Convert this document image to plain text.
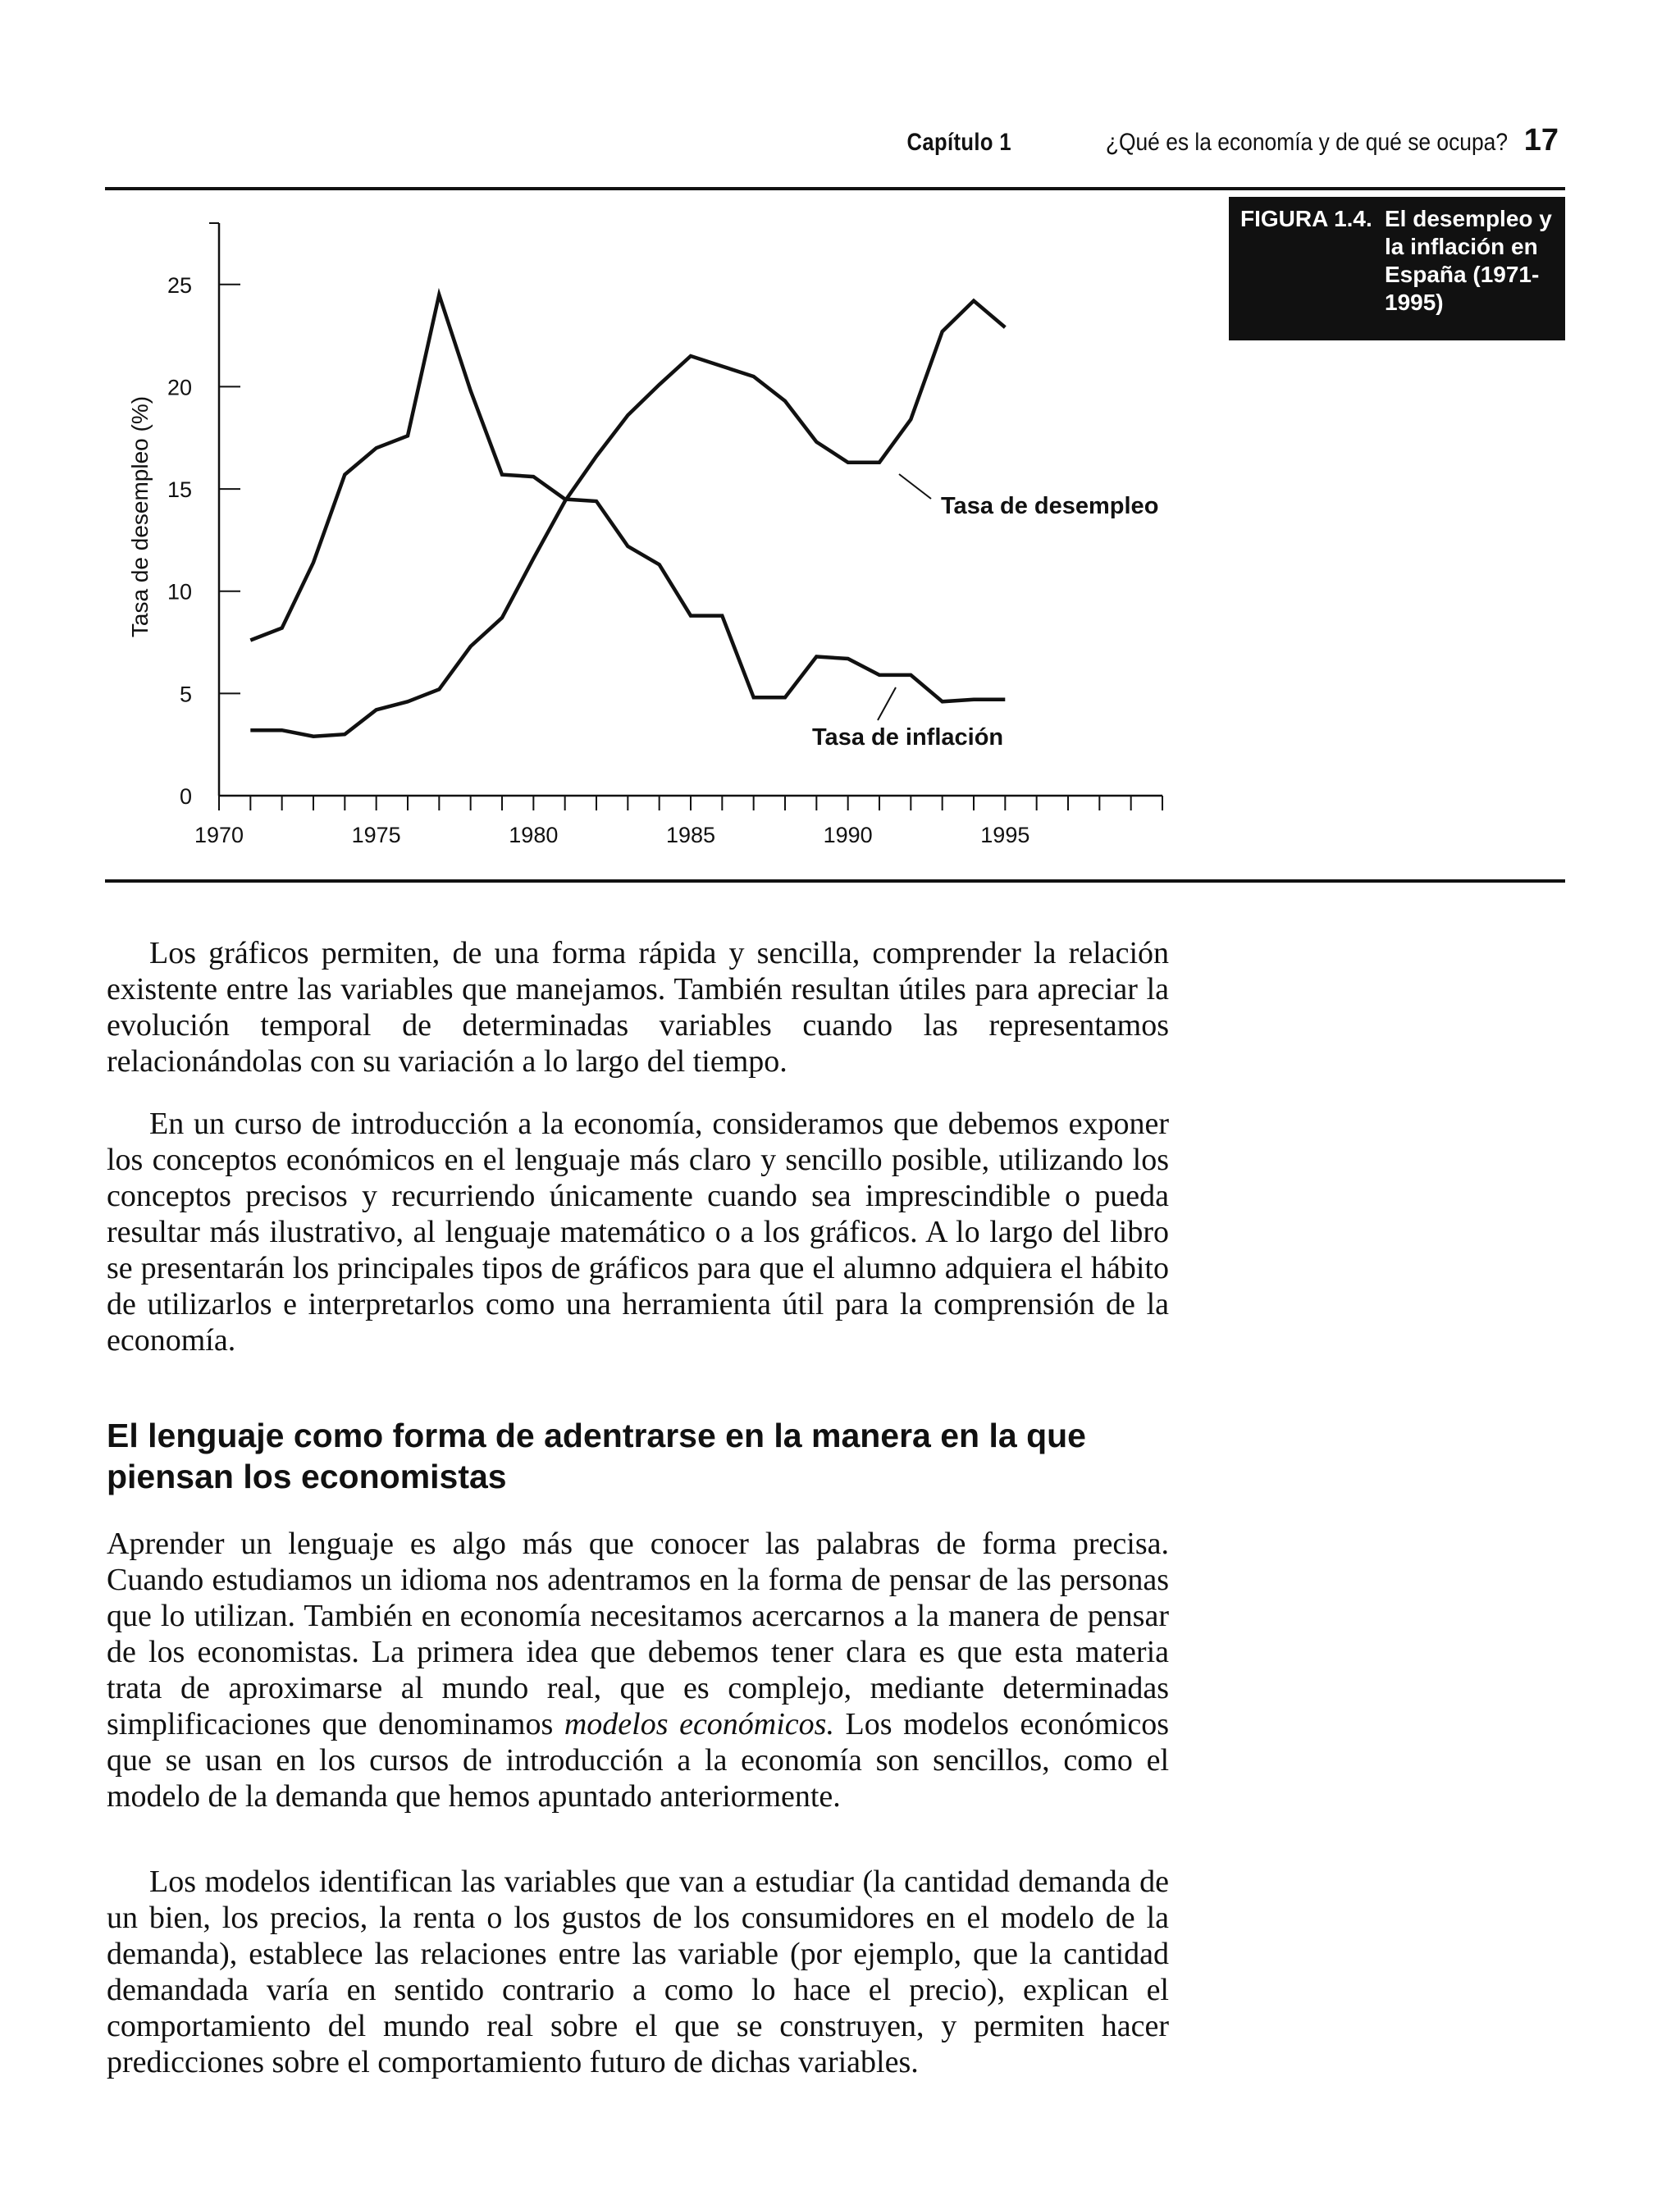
Capítulo 1	¿Qué es la economía y de qué se ocupa? 17
FIGURA 1.4. El desempleo y la inflación en España (1971-1995)
1970	1975	1980	1985	1990	1995
0
5
10
15
20
25
Tasa de desempleo (%)	Tasa de desempleo
Tasa de inflación

Los gráficos permiten, de una forma rápida y sencilla, comprender la relación existente entre las variables que manejamos. También resultan útiles para apreciar la evolución temporal de determinadas variables cuando las representamos relacionándolas con su variación a lo largo del tiempo.

En un curso de introducción a la economía, consideramos que debemos exponer los conceptos económicos en el lenguaje más claro y sencillo posible, utilizando los conceptos precisos y recurriendo únicamente cuando sea imprescindible o pueda resultar más ilustrativo, al lenguaje matemático o a los gráficos. A lo largo del libro se presentarán los principales tipos de gráficos para que el alumno adquiera el hábito de utilizarlos e interpretarlos como una herramienta útil para la comprensión de la economía.

El lenguaje como forma de adentrarse en la manera en la que piensan los economistas

Aprender un lenguaje es algo más que conocer las palabras de forma precisa. Cuando estudiamos un idioma nos adentramos en la forma de pensar de las personas que lo utilizan. También en economía necesitamos acercarnos a la manera de pensar de los economistas. La primera idea que debemos tener clara es que esta materia trata de aproximarse al mundo real, que es complejo, mediante determinadas simplificaciones que denominamos modelos económicos. Los modelos económicos que se usan en los cursos de introducción a la economía son sencillos, como el modelo de la demanda que hemos apuntado anteriormente.

Los modelos identifican las variables que van a estudiar (la cantidad demanda de un bien, los precios, la renta o los gustos de los consumidores en el modelo de la demanda), establece las relaciones entre las variable (por ejemplo, que la cantidad demandada varía en sentido contrario a como lo hace el precio), explican el comportamiento del mundo real sobre el que se construyen, y permiten hacer predicciones sobre el comportamiento futuro de dichas variables.
